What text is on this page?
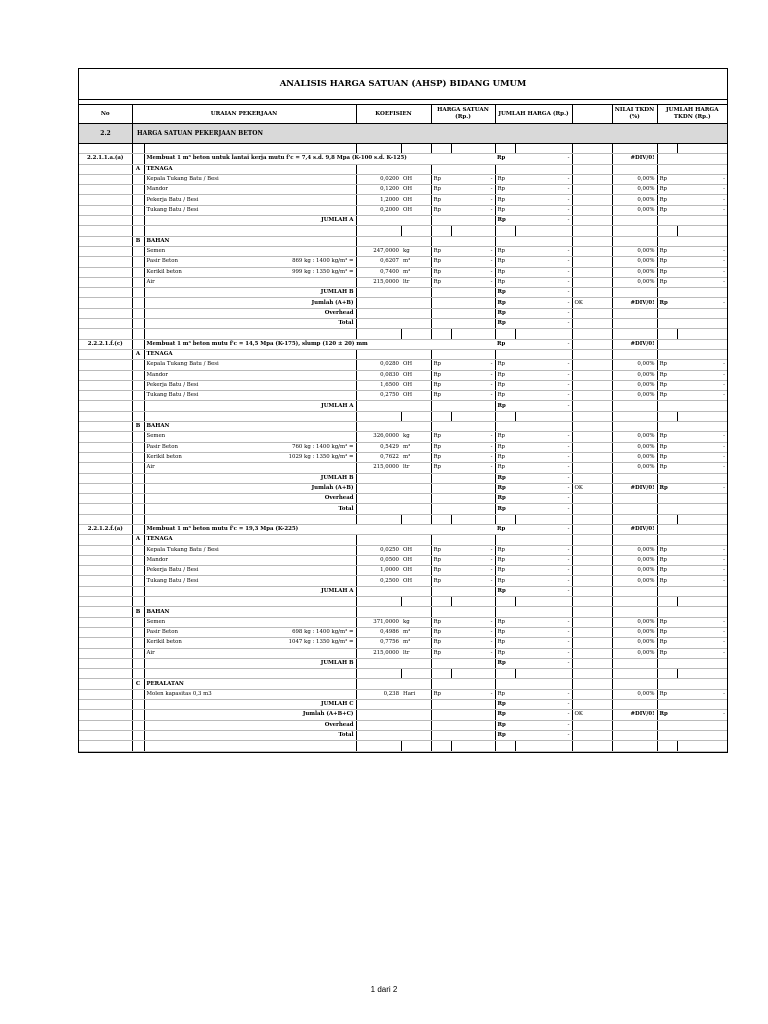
ANALISIS HARGA SATUAN (AHSP) BIDANG UMUM
No	URAIAN PEKERJAAN	KOEFISIEN	HARGA SATUAN (Rp.)	JUMLAH HARGA (Rp.)		NILAI TKDN (%)	JUMLAH HARGA TKDN (Rp.)
2.2	HARGA SATUAN PEKERJAAN BETON

2.2.1.1.a.(a)		Membuat 1 m³ beton untuk lantai kerja mutu f'c = 7,4 s.d. 9,8 Mpa (K-100 s.d. K-125)					Rp	-		#DIV/0!		
	A	TENAGA										

		Kepala Tukang Batu / Besi	0,0200	OH	Rp	-	Rp	-		0,00%	Rp	-

		Mandor	0,1200	OH	Rp	-	Rp	-		0,00%	Rp	-

		Pekerja Batu / Besi	1,2000	OH	Rp	-	Rp	-		0,00%	Rp	-

		Tukang Batu / Besi	0,2000	OH	Rp	-	Rp	-		0,00%	Rp	-
		JUMLAH A					Rp	-				

	B	BAHAN										

		Semen	247,0000	kg	Rp	-	Rp	-		0,00%	Rp	-

		Pasir Beton 869 kg : 1400 kg/m³ =	0,6207	m³	Rp	-	Rp	-		0,00%	Rp	-

		Kerikil beton 999 kg : 1350 kg/m³ =	0,7400	m³	Rp	-	Rp	-		0,00%	Rp	-

		Air	215,0000	ltr	Rp	-	Rp	-		0,00%	Rp	-
		JUMLAH B					Rp	-				
		Jumlah (A+B)					Rp	-	OK	#DIV/0!	Rp	-
		Overhead					Rp	-				
		Total					Rp	-				

2.2.2.1.f.(c)		Membuat 1 m³ beton mutu f'c = 14,5 Mpa (K-175), slump (120 ± 20) mm					Rp	-		#DIV/0!		
	A	TENAGA										

		Kepala Tukang Batu / Besi	0,0280	OH	Rp	-	Rp	-		0,00%	Rp	-

		Mandor	0,0830	OH	Rp	-	Rp	-		0,00%	Rp	-

		Pekerja Batu / Besi	1,6500	OH	Rp	-	Rp	-		0,00%	Rp	-

		Tukang Batu / Besi	0,2750	OH	Rp	-	Rp	-		0,00%	Rp	-
		JUMLAH A					Rp	-				

	B	BAHAN										

		Semen	326,0000	kg	Rp	-	Rp	-		0,00%	Rp	-

		Pasir Beton 760 kg : 1400 kg/m³ =	0,5429	m³	Rp	-	Rp	-		0,00%	Rp	-

		Kerikil beton 1029 kg : 1350 kg/m³ =	0,7622	m³	Rp	-	Rp	-		0,00%	Rp	-

		Air	215,0000	ltr	Rp	-	Rp	-		0,00%	Rp	-
		JUMLAH B					Rp	-				
		Jumlah (A+B)					Rp	-	OK	#DIV/0!	Rp	-
		Overhead					Rp	-				
		Total					Rp	-				

2.2.1.2.f.(a)		Membuat 1 m³ beton mutu f'c = 19,3 Mpa (K-225)					Rp	-		#DIV/0!		
	A	TENAGA										

		Kepala Tukang Batu / Besi	0,0250	OH	Rp	-	Rp	-		0,00%	Rp	-

		Mandor	0,0500	OH	Rp	-	Rp	-		0,00%	Rp	-

		Pekerja Batu / Besi	1,0000	OH	Rp	-	Rp	-		0,00%	Rp	-

		Tukang Batu / Besi	0,2500	OH	Rp	-	Rp	-		0,00%	Rp	-
		JUMLAH A					Rp	-				

	B	BAHAN										

		Semen	371,0000	kg	Rp	-	Rp	-		0,00%	Rp	-

		Pasir Beton 698 kg : 1400 kg/m³ =	0,4986	m³	Rp	-	Rp	-		0,00%	Rp	-

		Kerikil beton 1047 kg : 1350 kg/m³ =	0,7756	m³	Rp	-	Rp	-		0,00%	Rp	-

		Air	215,0000	ltr	Rp	-	Rp	-		0,00%	Rp	-
		JUMLAH B					Rp	-				

	C	PERALATAN										

		Molen kapasitas 0,3 m3	0,238	Hari	Rp	-	Rp	-		0,00%	Rp	-
		JUMLAH C					Rp	-				
		Jumlah (A+B+C)					Rp	-	OK	#DIV/0!	Rp	-
		Overhead					Rp	-				
		Total					Rp	-				

1 dari 2
